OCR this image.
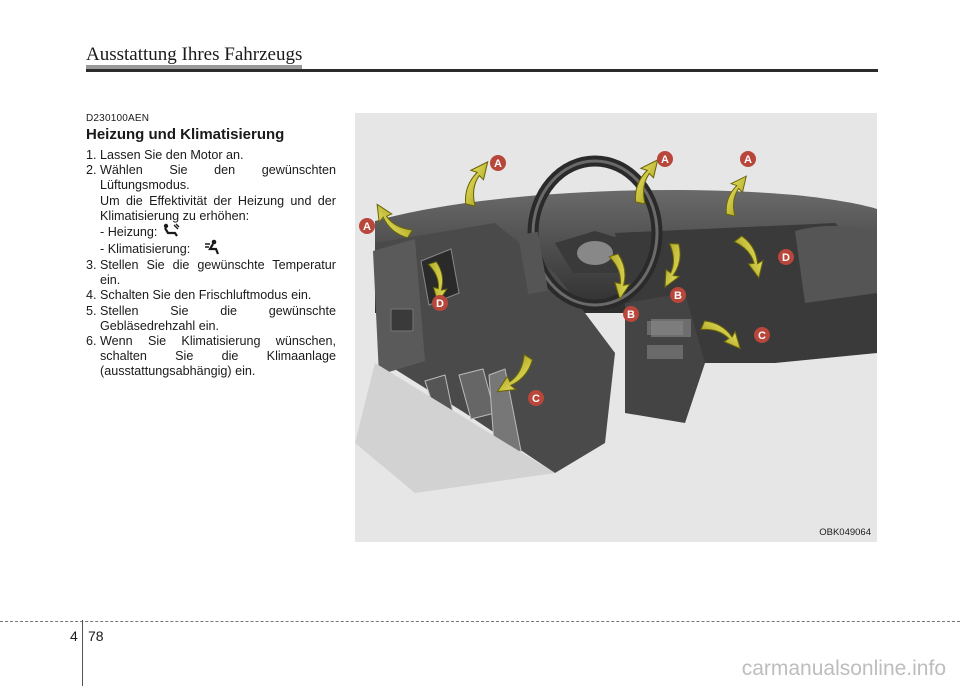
Ausstattung Ihres Fahrzeugs
D230100AEN
Heizung und Klimatisierung
1. Lassen Sie den Motor an.
2. Wählen Sie den gewünschten Lüftungsmodus.
Um die Effektivität der Heizung und der Klimatisierung zu erhöhen:
- Heizung:
- Klimatisierung:
3. Stellen Sie die gewünschte Temperatur ein.
4. Schalten Sie den Frischluftmodus ein.
5. Stellen Sie die gewünschte Gebläsedrehzahl ein.
6. Wenn Sie Klimatisierung wünschen, schalten Sie die Klimaanlage (ausstattungsabhängig) ein.
A	A	A
A
B
B
C
C
D
D
OBK049064
4 78
carmanualsonline.info
